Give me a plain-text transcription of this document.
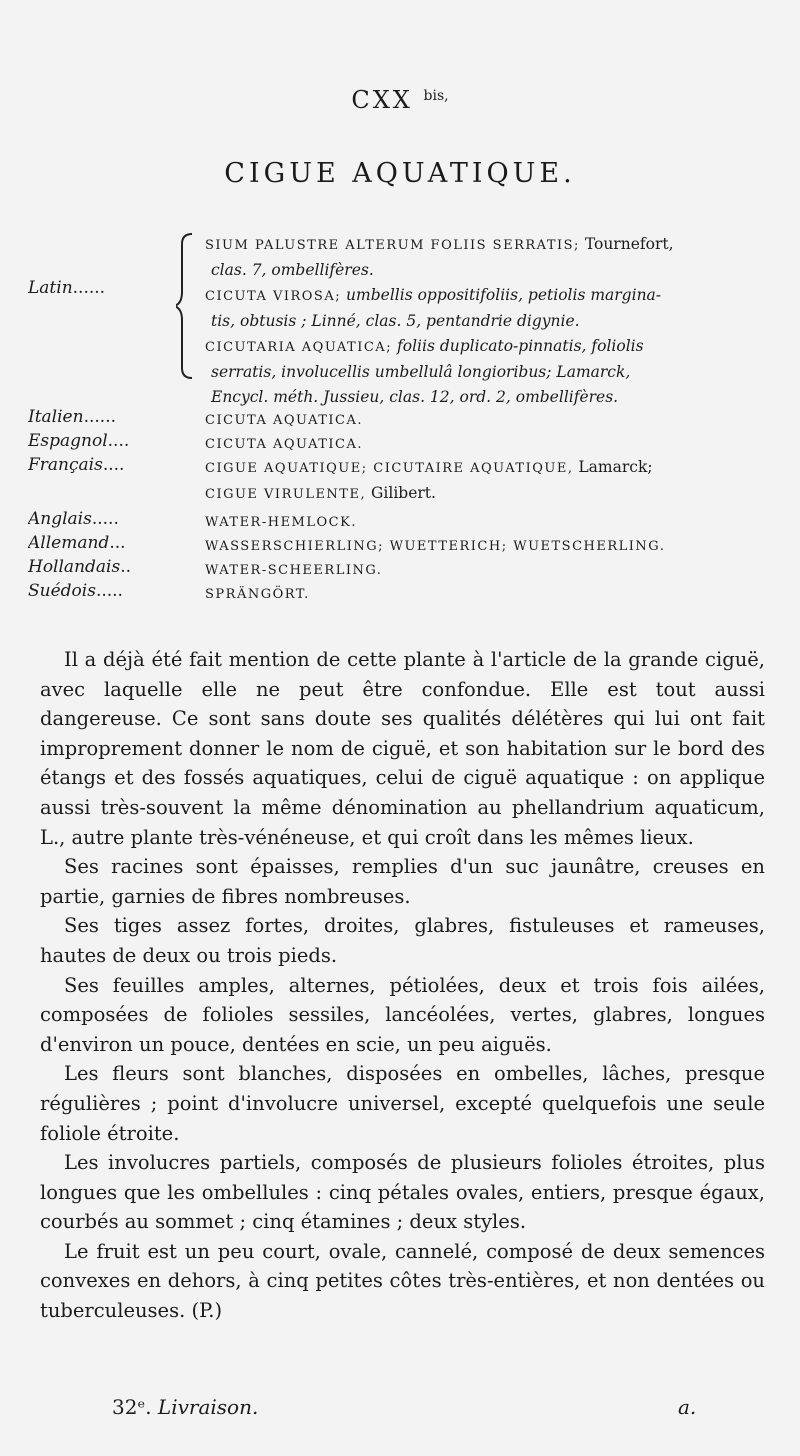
CXX $^{bis,}$
CIGUE AQUATIQUE.
Latin......
SIUM PALUSTRE ALTERUM FOLIIS SERRATIS; Tournefort,
clas. 7, ombellifères.
CICUTA VIROSA; umbellis oppositifoliis, petiolis margina-
tis, obtusis ; Linné, clas. 5, pentandrie digynie.
CICUTARIA AQUATICA; foliis duplicato-pinnatis, foliolis
serratis, involucellis umbellulâ longioribus; Lamarck,
Encycl. méth. Jussieu, clas. 12, ord. 2, ombellifères.
Italien......	CICUTA AQUATICA.
Espagnol....	CICUTA AQUATICA.
Français....	CIGUE AQUATIQUE; CICUTAIRE AQUATIQUE, Lamarck;
CIGUE VIRULENTE, Gilibert.
Anglais.....	WATER-HEMLOCK.
Allemand...	WASSERSCHIERLING; WUETTERICH; WUETSCHERLING.
Hollandais..	WATER-SCHEERLING.
Suédois.....	SPRÄNGÖRT.

Il a déjà été fait mention de cette plante à l'article de la grande ciguë, avec laquelle elle ne peut être confondue. Elle est tout aussi dangereuse. Ce sont sans doute ses qualités délétères qui lui ont fait improprement donner le nom de ciguë, et son habitation sur le bord des étangs et des fossés aquatiques, celui de ciguë aquatique : on applique aussi très-souvent la même dénomination au phellandrium aquaticum, L., autre plante très-vénéneuse, et qui croît dans les mêmes lieux.

Ses racines sont épaisses, remplies d'un suc jaunâtre, creuses en partie, garnies de fibres nombreuses.

Ses tiges assez fortes, droites, glabres, fistuleuses et rameuses, hautes de deux ou trois pieds.

Ses feuilles amples, alternes, pétiolées, deux et trois fois ailées, composées de folioles sessiles, lancéolées, vertes, glabres, longues d'environ un pouce, dentées en scie, un peu aiguës.

Les fleurs sont blanches, disposées en ombelles, lâches, presque régulières ; point d'involucre universel, excepté quelquefois une seule foliole étroite.

Les involucres partiels, composés de plusieurs folioles étroites, plus longues que les ombellules : cinq pétales ovales, entiers, presque égaux, courbés au sommet ; cinq étamines ; deux styles.

Le fruit est un peu court, ovale, cannelé, composé de deux semences convexes en dehors, à cinq petites côtes très-entières, et non dentées ou tuberculeuses. (P.)

32ᵉ. Livraison.	a.
